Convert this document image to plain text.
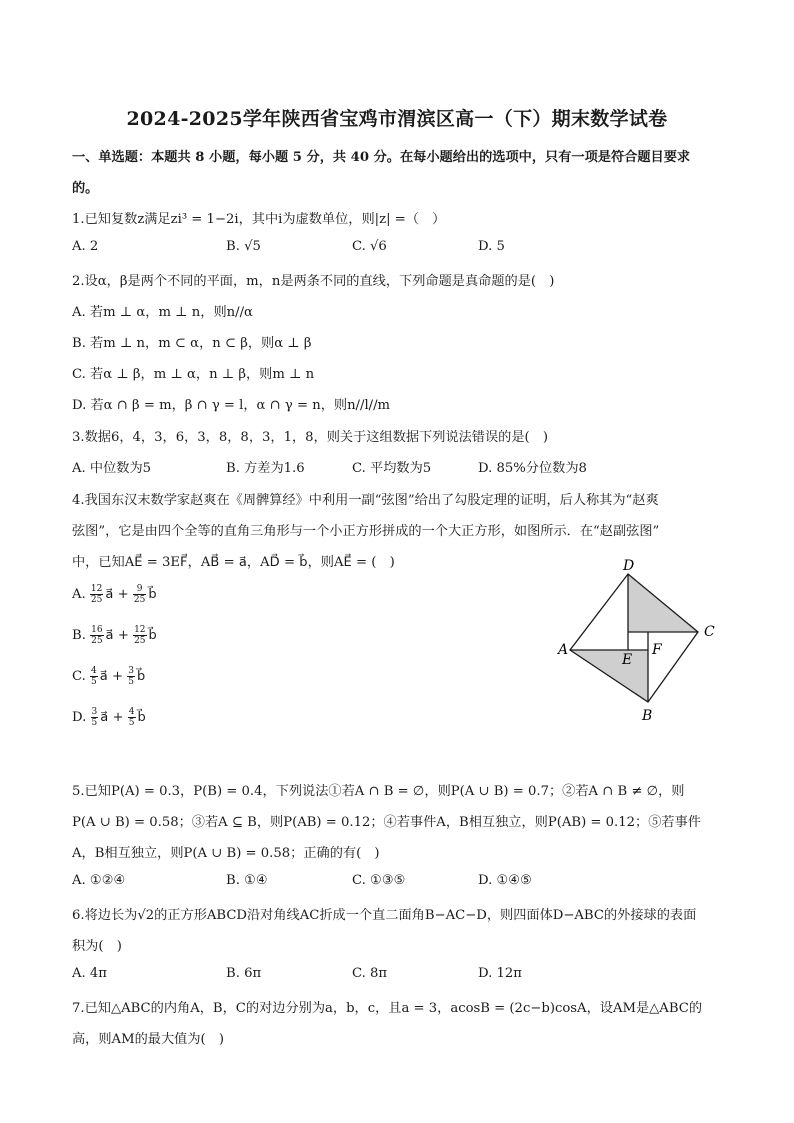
2024-2025学年陕西省宝鸡市渭滨区高一（下）期末数学试卷
一、单选题：本题共 8 小题，每小题 5 分，共 40 分。在每小题给出的选项中，只有一项是符合题目要求
的。
1.已知复数z满足zi³ = 1−2i，其中i为虚数单位，则|z| =（　）
A. 2	B. √5	C. √6	D. 5
2.设α，β是两个不同的平面，m，n是两条不同的直线，下列命题是真命题的是(　)
A. 若m ⊥ α，m ⊥ n，则n//α
B. 若m ⊥ n，m ⊂ α，n ⊂ β，则α ⊥ β
C. 若α ⊥ β，m ⊥ α，n ⊥ β，则m ⊥ n
D. 若α ∩ β = m，β ∩ γ = l，α ∩ γ = n，则n//l//m
3.数据6，4，3，6，3，8，8，3，1，8，则关于这组数据下列说法错误的是(　)
A. 中位数为5	B. 方差为1.6	C. 平均数为5	D. 85%分位数为8
4.我国东汉末数学家赵爽在《周髀算经》中利用一副“弦图”给出了勾股定理的证明，后人称其为“赵爽
弦图”，它是由四个全等的直角三角形与一个小正方形拼成的一个大正方形，如图所示．在“赵副弦图”
中，已知AE⃗ = 3EF⃗，AB⃗ = a⃗，AD⃗ = b⃗，则AE⃗ = (　)
A. $\frac{12}{25}$ a⃗ + $\frac{9}{25}$ b⃗
B. $\frac{16}{25}$ a⃗ + $\frac{12}{25}$ b⃗
C. $\frac{4}{5}$ a⃗ + $\frac{3}{5}$ b⃗
D. $\frac{3}{5}$ a⃗ + $\frac{4}{5}$ b⃗
D
C
A
E
F
B
5.已知P(A) = 0.3，P(B) = 0.4，下列说法①若A ∩ B = ∅，则P(A ∪ B) = 0.7；②若A ∩ B ≠ ∅，则
P(A ∪ B) = 0.58；③若A ⊆ B，则P(AB) = 0.12；④若事件A，B相互独立，则P(AB) = 0.12；⑤若事件
A，B相互独立，则P(A ∪ B) = 0.58；正确的有(　)
A. ①②④	B. ①④	C. ①③⑤	D. ①④⑤
6.将边长为√2的正方形ABCD沿对角线AC折成一个直二面角B−AC−D，则四面体D−ABC的外接球的表面
积为(　)
A. 4π	B. 6π	C. 8π	D. 12π
7.已知△ABC的内角A，B，C的对边分别为a，b，c，且a = 3，acosB = (2c−b)cosA，设AM是△ABC的
高，则AM的最大值为(　)
